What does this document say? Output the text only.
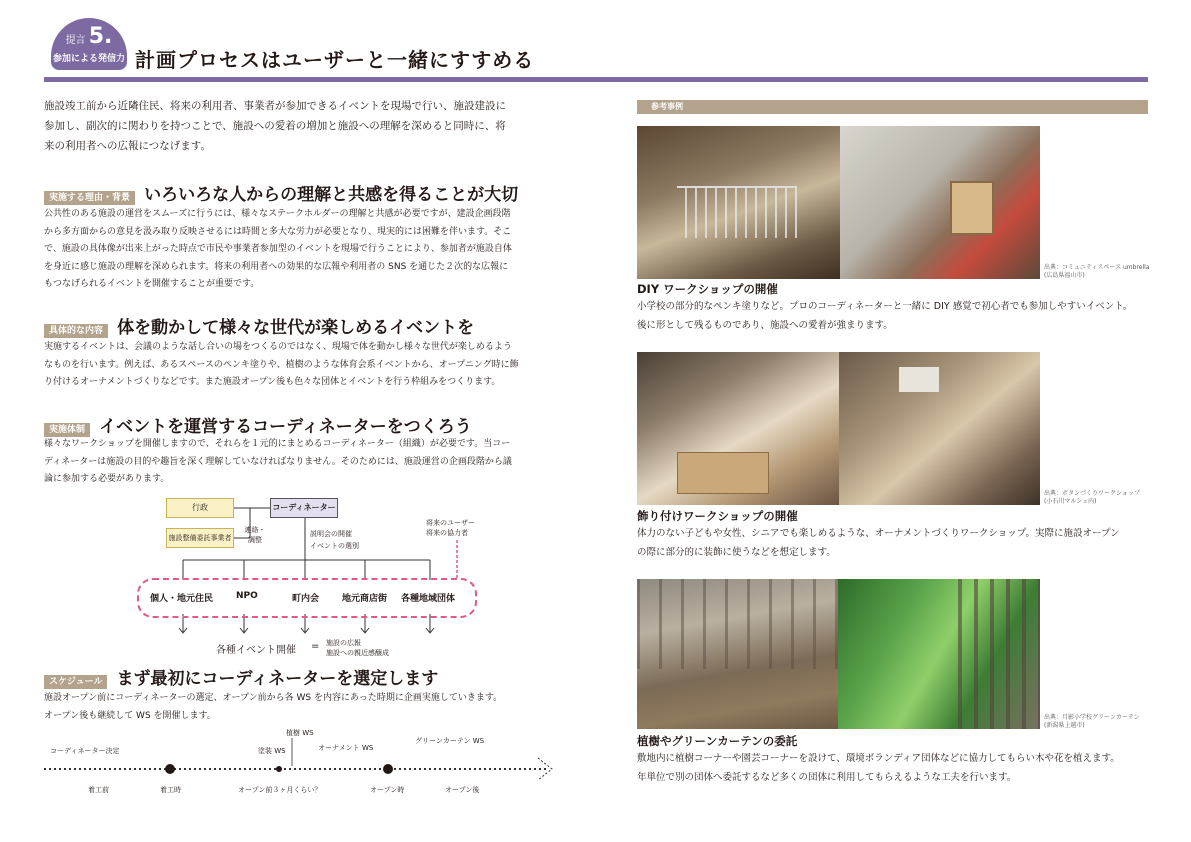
提言 5.
参加による発信力 計画プロセスはユーザーと一緒にすすめる
施設竣工前から近隣住民、将来の利用者、事業者が参加できるイベントを現場で行い、施設建設に
参加し、副次的に関わりを持つことで、施設への愛着の増加と施設への理解を深めると同時に、将
来の利用者への広報につなげます。
実施する理由・背景 いろいろな人からの理解と共感を得ることが大切
公共性のある施設の運営をスムーズに行うには、様々なステークホルダーの理解と共感が必要ですが、建設企画段階
から多方面からの意見を汲み取り反映させるには時間と多大な労力が必要となり、現実的には困難を伴います。そこ
で、施設の具体像が出来上がった時点で市民や事業者参加型のイベントを現場で行うことにより、参加者が施設自体
を身近に感じ施設の理解を深められます。将来の利用者への効果的な広報や利用者の SNS を通じた２次的な広報に
もつなげられるイベントを開催することが重要です。
具体的な内容 体を動かして様々な世代が楽しめるイベントを
実施するイベントは、会議のような話し合いの場をつくるのではなく、現場で体を動かし様々な世代が楽しめるよう
なものを行います。例えば、あるスペースのペンキ塗りや、植樹のような体育会系イベントから、オープニング時に飾
り付けるオーナメントづくりなどです。また施設オープン後も色々な団体とイベントを行う枠組みをつくります。
実施体制 イベントを運営するコーディネーターをつくろう
様々なワークショップを開催しますので、それらを１元的にまとめるコーディネーター（組織）が必要です。当コー
ディネーターは施設の目的や趣旨を深く理解していなければなりません。そのためには、施設運営の企画段階から議
論に参加する必要があります。
行政
施設整備委託事業者
コーディネーター
連絡・
調整
説明会の開催
イベントの選別
将来のユーザー
将来の協力者
個人・地元住民	NPO	町内会	地元商店街 各種地域団体
各種イベント開催 = 施設の広報
施設への親近感醸成
スケジュール まず最初にコーディネーターを選定します
施設オープン前にコーディネーターの選定、オープン前から各 WS を内容にあった時期に企画実施していきます。
オープン後も継続して WS を開催します。
コーディネーター決定	塗装 WS
植樹 WS
オーナメント WS
グリーンカーテン WS
着工前	着工時	オープン前３ヶ月くらい？	オープン時	オープン後
参考事例
出典：コミュニティスペース umbrella
(広島県福山市)
DIY ワークショップの開催
小学校の部分的なペンキ塗りなど。プロのコーディネーターと一緒に DIY 感覚で初心者でも参加しやすいイベント。
後に形として残るものであり、施設への愛着が強まります。
出典：ボタンづくりワークショップ
(小石川マルシェ内)
飾り付けワークショップの開催
体力のない子どもや女性、シニアでも楽しめるような、オーナメントづくりワークショップ。実際に施設オープン
の際に部分的に装飾に使うなどを想定します。
出典：月影小学校グリーンカーテン
(新潟県上越市)
植樹やグリーンカーテンの委託
敷地内に植樹コーナーや園芸コーナーを設けて、環境ボランディア団体などに協力してもらい木や花を植えます。
年単位で別の団体へ委託するなど多くの団体に利用してもらえるような工夫を行います。
